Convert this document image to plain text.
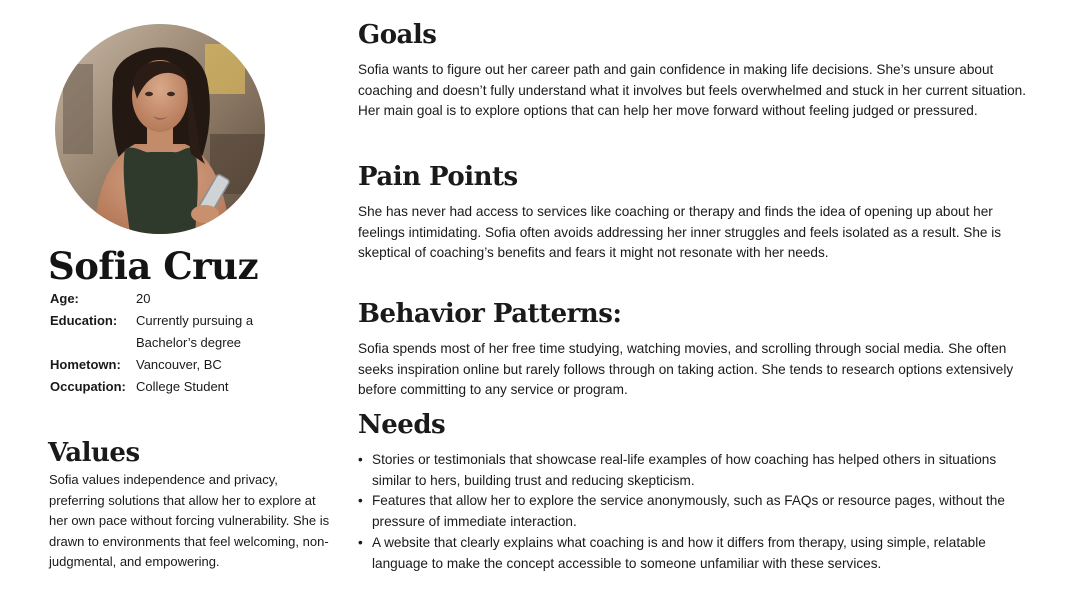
Sofia Cruz
Age:	20
Education:	Currently pursuing a Bachelor’s degree
Hometown:	Vancouver, BC
Occupation: College Student
Values

Sofia values independence and privacy, preferring solutions that allow her to explore at her own pace without forcing vulnerability. She is drawn to environments that feel welcoming, non-judgmental, and empowering.

Goals

Sofia wants to figure out her career path and gain confidence in making life decisions. She’s unsure about coaching and doesn’t fully understand what it involves but feels overwhelmed and stuck in her current situation. Her main goal is to explore options that can help her move forward without feeling judged or pressured.

Pain Points

She has never had access to services like coaching or therapy and finds the idea of opening up about her feelings intimidating. Sofia often avoids addressing her inner struggles and feels isolated as a result. She is skeptical of coaching’s benefits and fears it might not resonate with her needs.

Behavior Patterns:

Sofia spends most of her free time studying, watching movies, and scrolling through social media. She often seeks inspiration online but rarely follows through on taking action. She tends to research options extensively before committing to any service or program.

Needs
• Stories or testimonials that showcase real-life examples of how coaching has helped others in situations similar to hers, building trust and reducing skepticism.
• Features that allow her to explore the service anonymously, such as FAQs or resource pages, without the pressure of immediate interaction.
• A website that clearly explains what coaching is and how it differs from therapy, using simple, relatable language to make the concept accessible to someone unfamiliar with these services.
